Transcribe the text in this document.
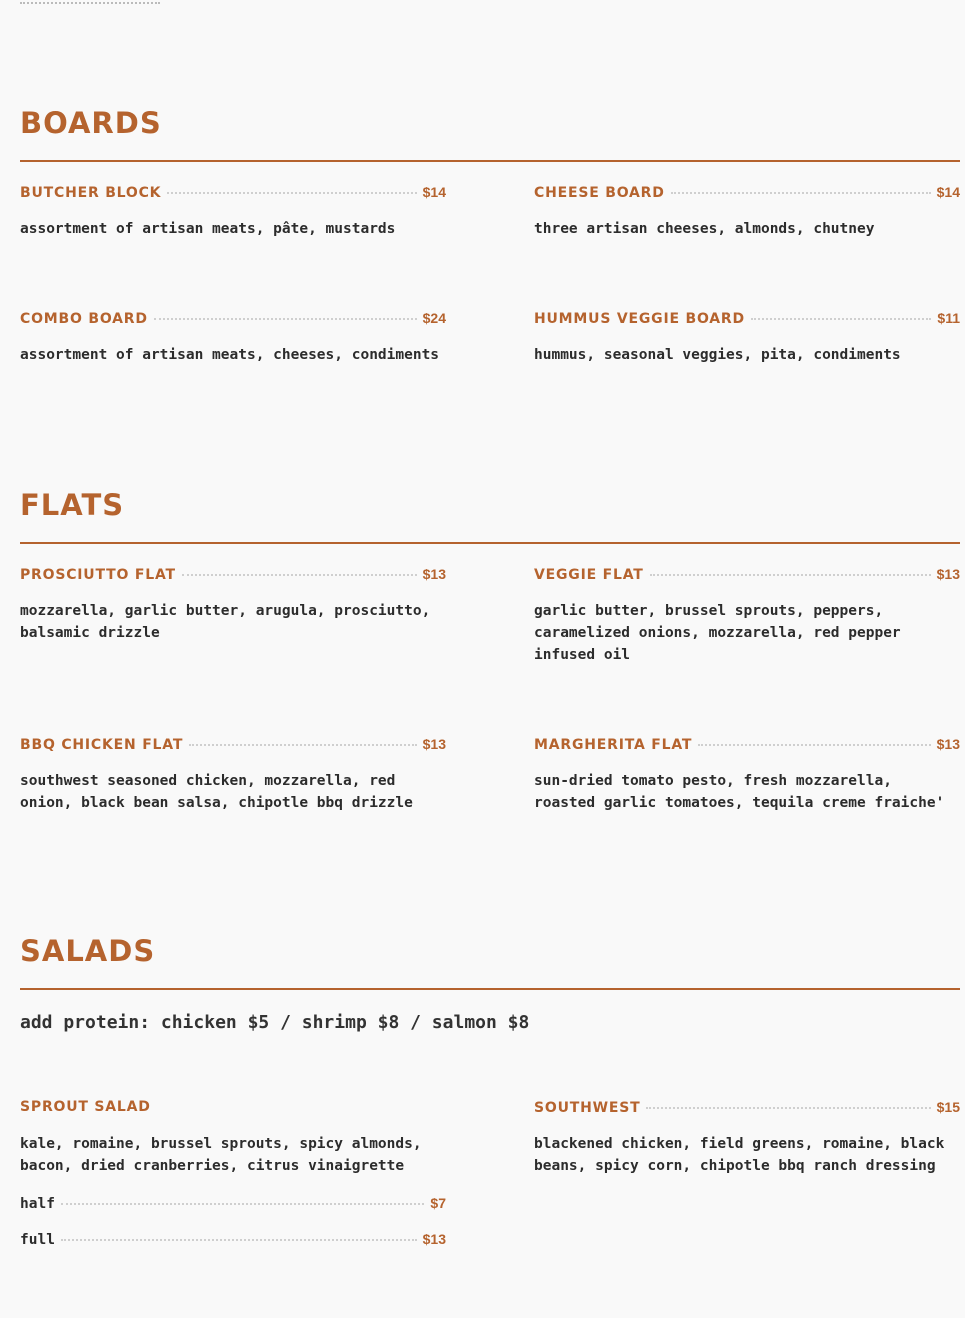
BOARDS
BUTCHER BLOCK	$14
assortment of artisan meats, pâte, mustards
CHEESE BOARD	$14
three artisan cheeses, almonds, chutney
COMBO BOARD	$24
assortment of artisan meats, cheeses, condiments
HUMMUS VEGGIE BOARD	$11
hummus, seasonal veggies, pita, condiments
FLATS
PROSCIUTTO FLAT	$13
mozzarella, garlic butter, arugula, prosciutto, balsamic drizzle
VEGGIE FLAT	$13
garlic butter, brussel sprouts, peppers, caramelized onions, mozzarella, red pepper infused oil
BBQ CHICKEN FLAT	$13
southwest seasoned chicken, mozzarella, red onion, black bean salsa, chipotle bbq drizzle
MARGHERITA FLAT	$13
sun-dried tomato pesto, fresh mozzarella, roasted garlic tomatoes, tequila creme fraiche'
SALADS
add protein: chicken $5 / shrimp $8 / salmon $8
SPROUT SALAD
kale, romaine, brussel sprouts, spicy almonds, bacon, dried cranberries, citrus vinaigrette
half	$7
full	$13
SOUTHWEST	$15
blackened chicken, field greens, romaine, black beans, spicy corn, chipotle bbq ranch dressing
